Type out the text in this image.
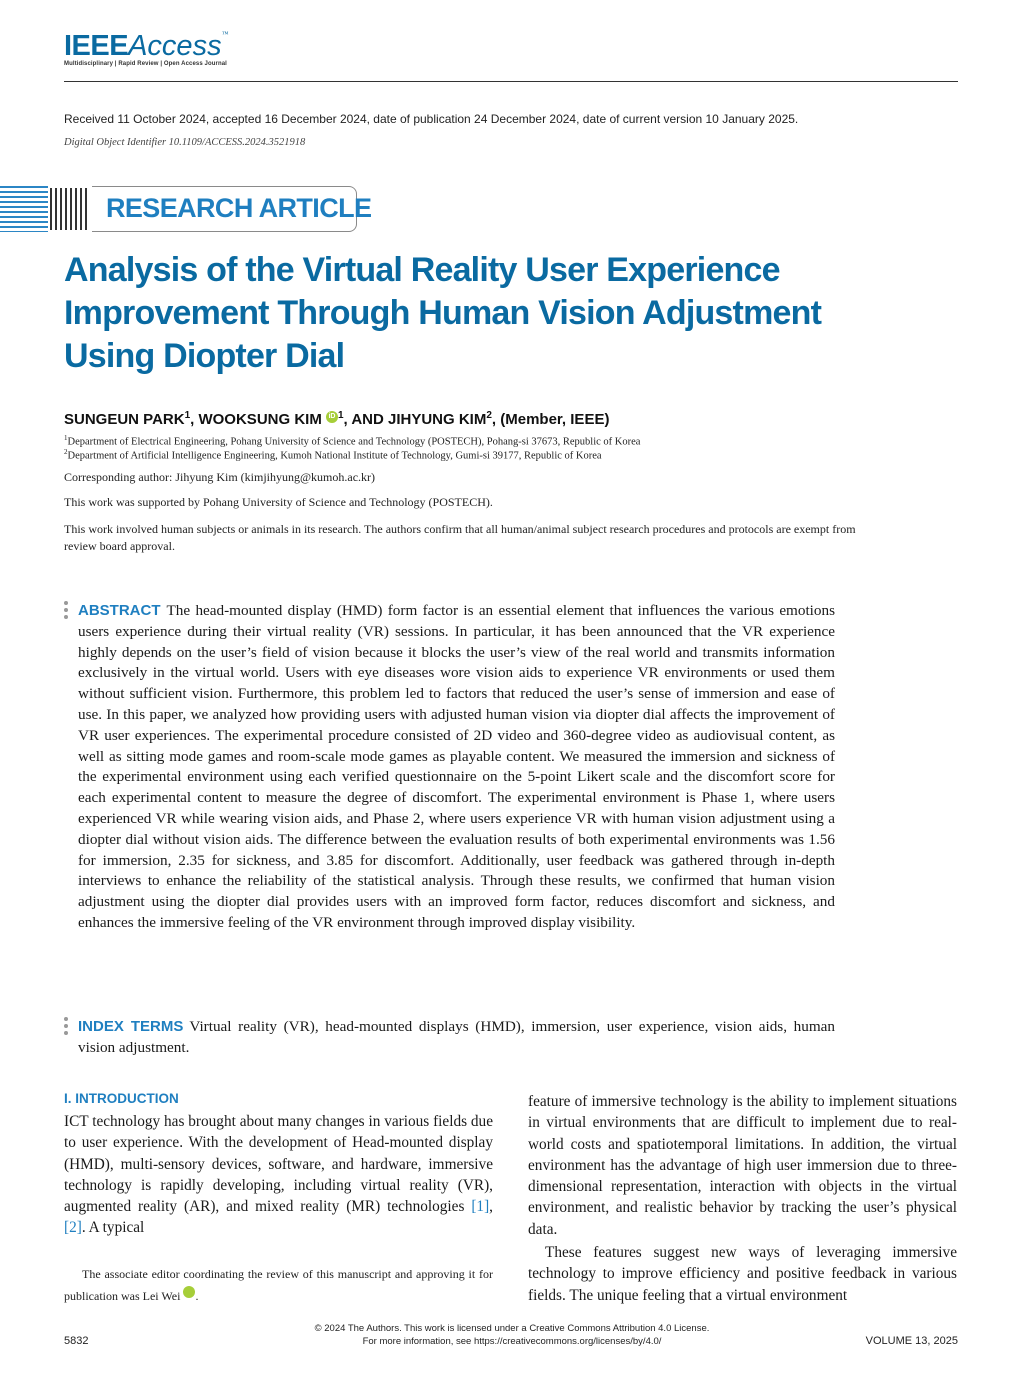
IEEEAccess™
Multidisciplinary | Rapid Review | Open Access Journal
Received 11 October 2024, accepted 16 December 2024, date of publication 24 December 2024, date of current version 10 January 2025.
Digital Object Identifier 10.1109/ACCESS.2024.3521918
RESEARCH ARTICLE
Analysis of the Virtual Reality User Experience Improvement Through Human Vision Adjustment Using Diopter Dial
SUNGEUN PARK$^1$, WOOKSUNG KIM iD $^1$, AND JIHYUNG KIM$^2$, (Member, IEEE)
$^1$Department of Electrical Engineering, Pohang University of Science and Technology (POSTECH), Pohang-si 37673, Republic of Korea
$^2$Department of Artificial Intelligence Engineering, Kumoh National Institute of Technology, Gumi-si 39177, Republic of Korea
Corresponding author: Jihyung Kim (kimjihyung@kumoh.ac.kr)
This work was supported by Pohang University of Science and Technology (POSTECH).
This work involved human subjects or animals in its research. The authors confirm that all human/animal subject research procedures and protocols are exempt from review board approval.
ABSTRACT The head-mounted display (HMD) form factor is an essential element that influences the various emotions users experience during their virtual reality (VR) sessions. In particular, it has been announced that the VR experience highly depends on the user’s field of vision because it blocks the user’s view of the real world and transmits information exclusively in the virtual world. Users with eye diseases wore vision aids to experience VR environments or used them without sufficient vision. Furthermore, this problem led to factors that reduced the user’s sense of immersion and ease of use. In this paper, we analyzed how providing users with adjusted human vision via diopter dial affects the improvement of VR user experiences. The experimental procedure consisted of 2D video and 360-degree video as audiovisual content, as well as sitting mode games and room-scale mode games as playable content. We measured the immersion and sickness of the experimental environment using each verified questionnaire on the 5-point Likert scale and the discomfort score for each experimental content to measure the degree of discomfort. The experimental environment is Phase 1, where users experienced VR while wearing vision aids, and Phase 2, where users experience VR with human vision adjustment using a diopter dial without vision aids. The difference between the evaluation results of both experimental environments was 1.56 for immersion, 2.35 for sickness, and 3.85 for discomfort. Additionally, user feedback was gathered through in-depth interviews to enhance the reliability of the statistical analysis. Through these results, we confirmed that human vision adjustment using the diopter dial provides users with an improved form factor, reduces discomfort and sickness, and enhances the immersive feeling of the VR environment through improved display visibility.
INDEX TERMS Virtual reality (VR), head-mounted displays (HMD), immersion, user experience, vision aids, human vision adjustment.
I. INTRODUCTION
ICT technology has brought about many changes in various fields due to user experience. With the development of Head-mounted display (HMD), multi-sensory devices, software, and hardware, immersive technology is rapidly developing, including virtual reality (VR), augmented reality (AR), and mixed reality (MR) technologies [1], [2]. A typical
The associate editor coordinating the review of this manuscript and approving it for publication was Lei Wei	iD.
feature of immersive technology is the ability to implement situations in virtual environments that are difficult to implement due to real-world costs and spatiotemporal limitations. In addition, the virtual environment has the advantage of high user immersion due to three-dimensional representation, interaction with objects in the virtual environment, and realistic behavior by tracking the user’s physical data.
These features suggest new ways of leveraging immersive technology to improve efficiency and positive feedback in various fields. The unique feeling that a virtual environment
5832
© 2024 The Authors. This work is licensed under a Creative Commons Attribution 4.0 License.
For more information, see https://creativecommons.org/licenses/by/4.0/	VOLUME 13, 2025
